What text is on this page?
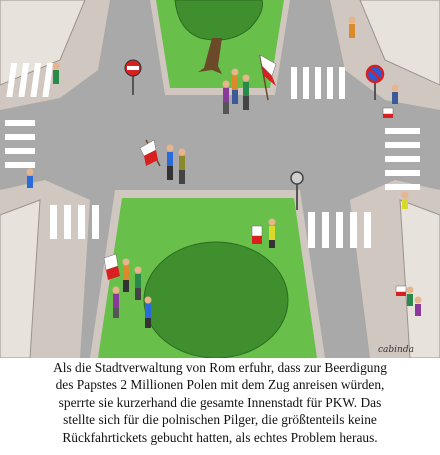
cabinda

Als die Stadtverwaltung von Rom erfuhr, dass zur Beerdigung
des Papstes 2 Millionen Polen mit dem Zug anreisen würden,
sperrte sie kurzerhand die gesamte Innenstadt für PKW. Das
stellte sich für die polnischen Pilger, die größtenteils keine
Rückfahrtickets gebucht hatten, als echtes Problem heraus.
